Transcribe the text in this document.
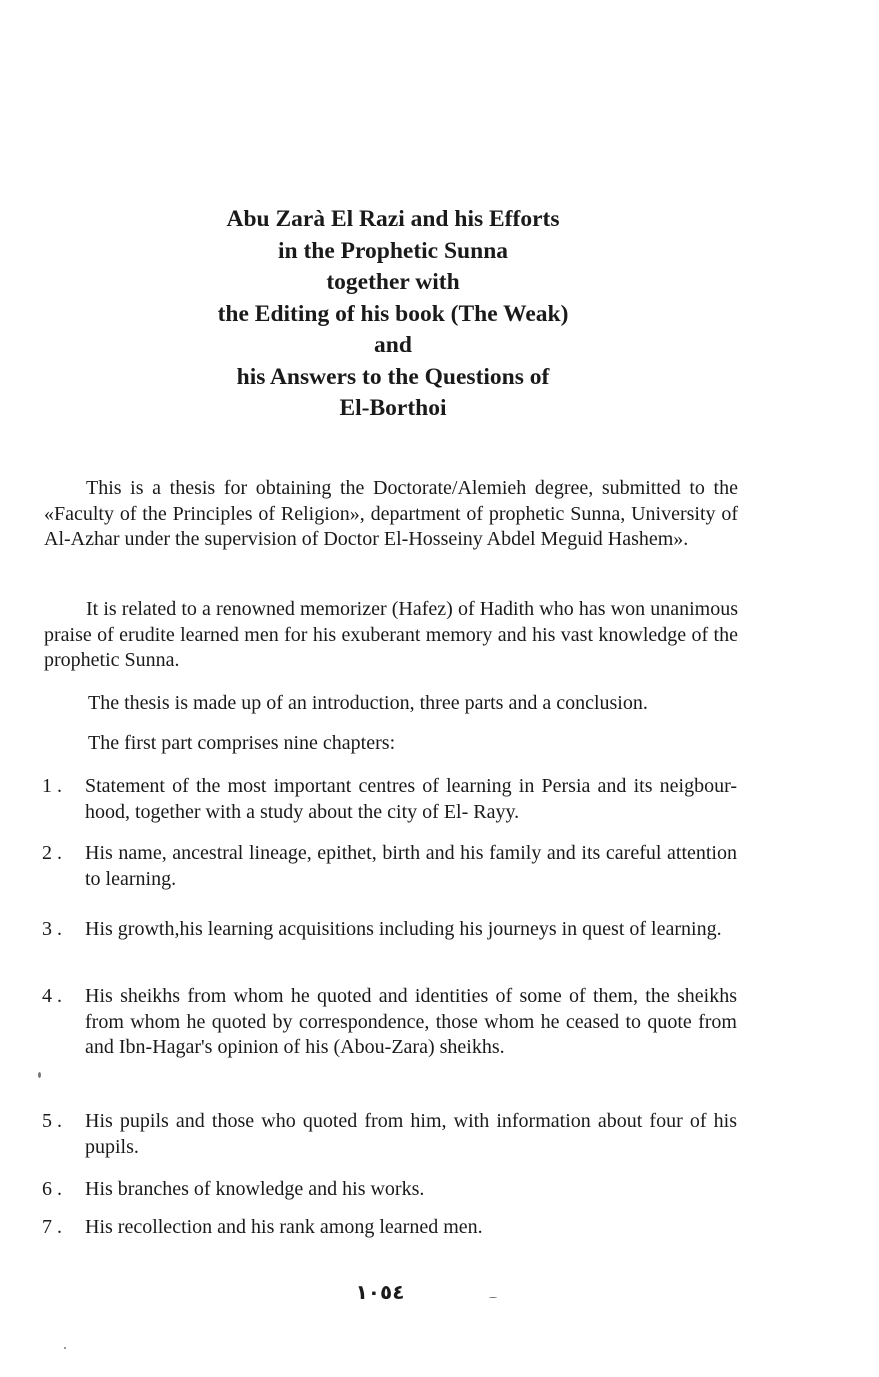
Abu Zarà El Razi and his Efforts
in the Prophetic Sunna
together with
the Editing of his book (The Weak)
and
his Answers to the Questions of
El-Borthoi

This is a thesis for obtaining the Doctorate/Alemieh degree, submitted to the «Faculty of the Principles of Religion», department of prophetic Sunna, University of Al-Azhar under the supervision of Doctor El-Hosseiny Abdel Meguid Hashem».

It is related to a renowned memorizer (Hafez) of Hadith who has won unanimous praise of erudite learned men for his exuberant memory and his vast knowledge of the prophetic Sunna.

The thesis is made up of an introduction, three parts and a conclusion.

The first part comprises nine chapters:

1 . Statement of the most important centres of learning in Persia and its neigbour-hood, together with a study about the city of El- Rayy.

2 . His name, ancestral lineage, epithet, birth and his family and its careful attention to learning.

3 . His growth,his learning acquisitions including his journeys in quest of learning.

4 . His sheikhs from whom he quoted and identities of some of them, the sheikhs from whom he quoted by correspondence, those whom he ceased to quote from and Ibn-Hagar's opinion of his (Abou-Zara) sheikhs.

5 . His pupils and those who quoted from him, with information about four of his pupils.

6 . His branches of knowledge and his works.

7 . His recollection and his rank among learned men.

١٠٥٤
